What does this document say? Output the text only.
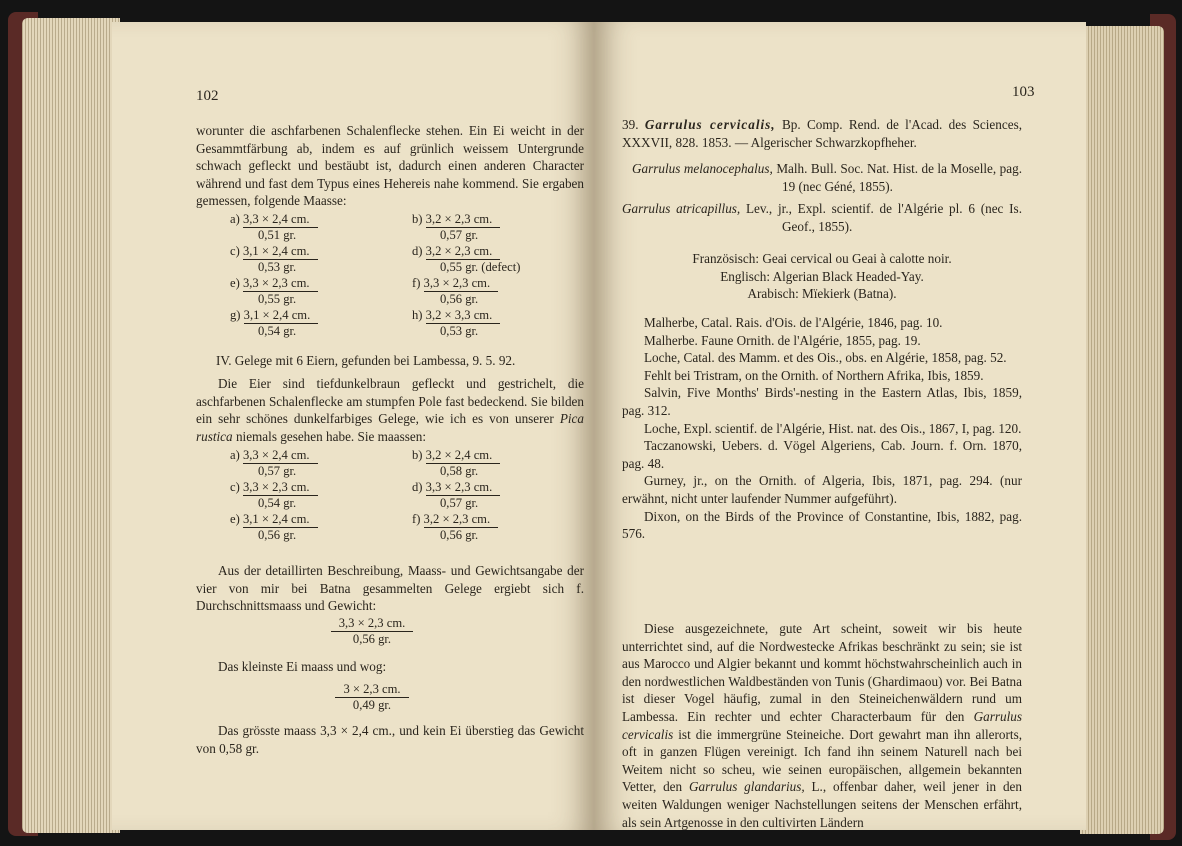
102

worunter die aschfarbenen Schalenflecke stehen. Ein Ei weicht in der Gesammtfärbung ab, indem es auf grünlich weissem Untergrunde schwach gefleckt und bestäubt ist, dadurch einen anderen Character während und fast dem Typus eines Hehereis nahe kommend. Sie ergaben gemessen, folgende Maasse:

a) 3,3 × 2,4 cm.
0,51 gr.
b) 3,2 × 2,3 cm.
0,57 gr.
c) 3,1 × 2,4 cm.
0,53 gr.
d) 3,2 × 2,3 cm.
0,55 gr. (defect)
e) 3,3 × 2,3 cm.
0,55 gr.
f) 3,3 × 2,3 cm.
0,56 gr.
g) 3,1 × 2,4 cm.
0,54 gr.
h) 3,2 × 3,3 cm.
0,53 gr.
IV. Gelege mit 6 Eiern, gefunden bei Lambessa, 9. 5. 92.

Die Eier sind tiefdunkelbraun gefleckt und gestrichelt, die aschfarbenen Schalenflecke am stumpfen Pole fast bedeckend. Sie bilden ein sehr schönes dunkelfarbiges Gelege, wie ich es von unserer Pica rustica niemals gesehen habe. Sie maassen:

a) 3,3 × 2,4 cm.
0,57 gr.
b) 3,2 × 2,4 cm.
0,58 gr.
c) 3,3 × 2,3 cm.
0,54 gr.
d) 3,3 × 2,3 cm.
0,57 gr.
e) 3,1 × 2,4 cm.
0,56 gr.
f) 3,2 × 2,3 cm.
0,56 gr.

Aus der detaillirten Beschreibung, Maass- und Gewichtsangabe der vier von mir bei Batna gesammelten Gelege ergiebt sich f. Durchschnittsmaass und Gewicht:

3,3 × 2,3 cm.
0,56 gr.

Das kleinste Ei maass und wog:

3 × 2,3 cm.
0,49 gr.

Das grösste maass 3,3 × 2,4 cm., und kein Ei überstieg das Gewicht von 0,58 gr.

103

39. Garrulus cervicalis, Bp. Comp. Rend. de l'Acad. des Sciences, XXXVII, 828. 1853. — Algerischer Schwarzkopfheher.

Garrulus melanocephalus, Malh. Bull. Soc. Nat. Hist. de la Moselle, pag. 19 (nec Géné, 1855).

Garrulus atricapillus, Lev., jr., Expl. scientif. de l'Algérie pl. 6 (nec Is. Geof., 1855).

Französisch: Geai cervical ou Geai à calotte noir.

Englisch: Algerian Black Headed-Yay.

Arabisch: Mïekierk (Batna).

Malherbe, Catal. Rais. d'Ois. de l'Algérie, 1846, pag. 10.

Malherbe. Faune Ornith. de l'Algérie, 1855, pag. 19.

Loche, Catal. des Mamm. et des Ois., obs. en Algérie, 1858, pag. 52.

Fehlt bei Tristram, on the Ornith. of Northern Afrika, Ibis, 1859.

Salvin, Five Months' Birds'-nesting in the Eastern Atlas, Ibis, 1859, pag. 312.

Loche, Expl. scientif. de l'Algérie, Hist. nat. des Ois., 1867, I, pag. 120.

Taczanowski, Uebers. d. Vögel Algeriens, Cab. Journ. f. Orn. 1870, pag. 48.

Gurney, jr., on the Ornith. of Algeria, Ibis, 1871, pag. 294. (nur erwähnt, nicht unter laufender Nummer aufgeführt).

Dixon, on the Birds of the Province of Constantine, Ibis, 1882, pag. 576.

Diese ausgezeichnete, gute Art scheint, soweit wir bis heute unterrichtet sind, auf die Nordwestecke Afrikas beschränkt zu sein; sie ist aus Marocco und Algier bekannt und kommt höchstwahrscheinlich auch in den nordwestlichen Waldbeständen von Tunis (Ghardimaou) vor. Bei Batna ist dieser Vogel häufig, zumal in den Steineichenwäldern rund um Lambessa. Ein rechter und echter Characterbaum für den Garrulus cervicalis ist die immergrüne Steineiche. Dort gewahrt man ihn allerorts, oft in ganzen Flügen vereinigt. Ich fand ihn seinem Naturell nach bei Weitem nicht so scheu, wie seinen europäischen, allgemein bekannten Vetter, den Garrulus glandarius, L., offenbar daher, weil jener in den weiten Waldungen weniger Nachstellungen seitens der Menschen erfährt, als sein Artgenosse in den cultivirten Ländern
